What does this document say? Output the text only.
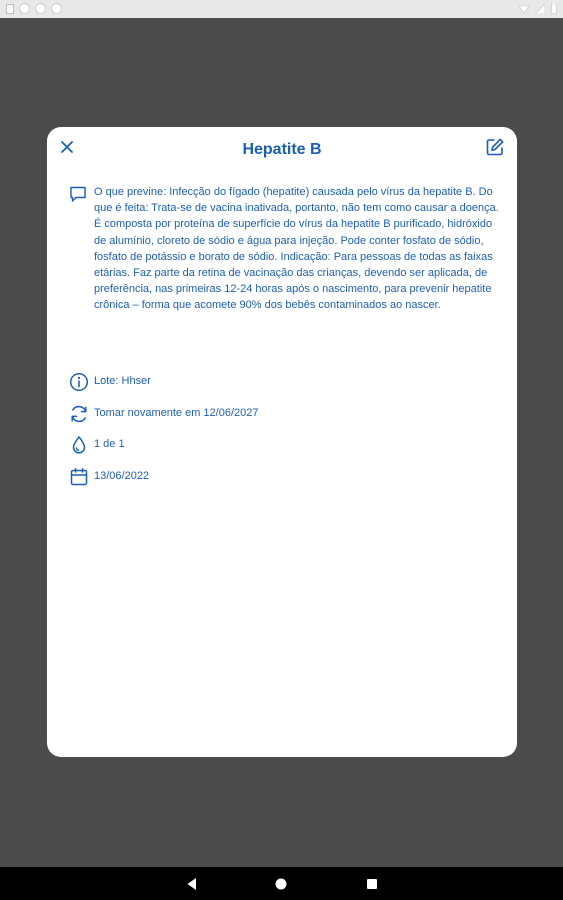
Hepatite B
O que previne: Infecção do fígado (hepatite) causada pelo vírus da hepatite B. Do que é feita: Trata-se de vacina inativada, portanto, não tem como causar a doença. É composta por proteína de superfície do vírus da hepatite B purificado, hidróxido de alumínio, cloreto de sódio e água para injeção. Pode conter fosfato de sódio, fosfato de potássio e borato de sódio. Indicação: Para pessoas de todas as faixas etárias. Faz parte da retina de vacinação das crianças, devendo ser aplicada, de preferência, nas primeiras 12-24 horas após o nascimento, para prevenir hepatite crônica – forma que acomete 90% dos bebês contaminados ao nascer.
Lote: Hhser
Tomar novamente em 12/06/2027
1 de 1
13/06/2022
